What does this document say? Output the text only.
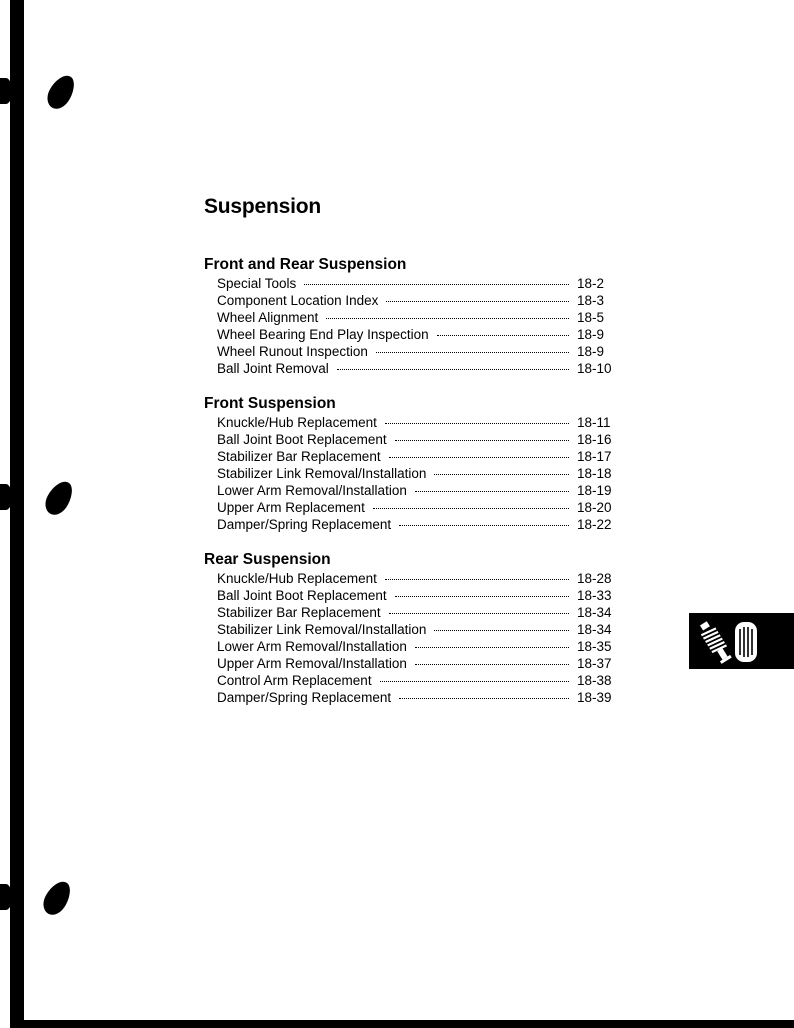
Suspension
Front and Rear Suspension
Special Tools	18-2
Component Location Index	18-3
Wheel Alignment	18-5
Wheel Bearing End Play Inspection	18-9
Wheel Runout Inspection	18-9
Ball Joint Removal	18-10
Front Suspension
Knuckle/Hub Replacement	18-11
Ball Joint Boot Replacement	18-16
Stabilizer Bar Replacement	18-17
Stabilizer Link Removal/Installation	18-18
Lower Arm Removal/Installation	18-19
Upper Arm Replacement	18-20
Damper/Spring Replacement	18-22
Rear Suspension
Knuckle/Hub Replacement	18-28
Ball Joint Boot Replacement	18-33
Stabilizer Bar Replacement	18-34
Stabilizer Link Removal/Installation	18-34
Lower Arm Removal/Installation	18-35
Upper Arm Removal/Installation	18-37
Control Arm Replacement	18-38
Damper/Spring Replacement	18-39
